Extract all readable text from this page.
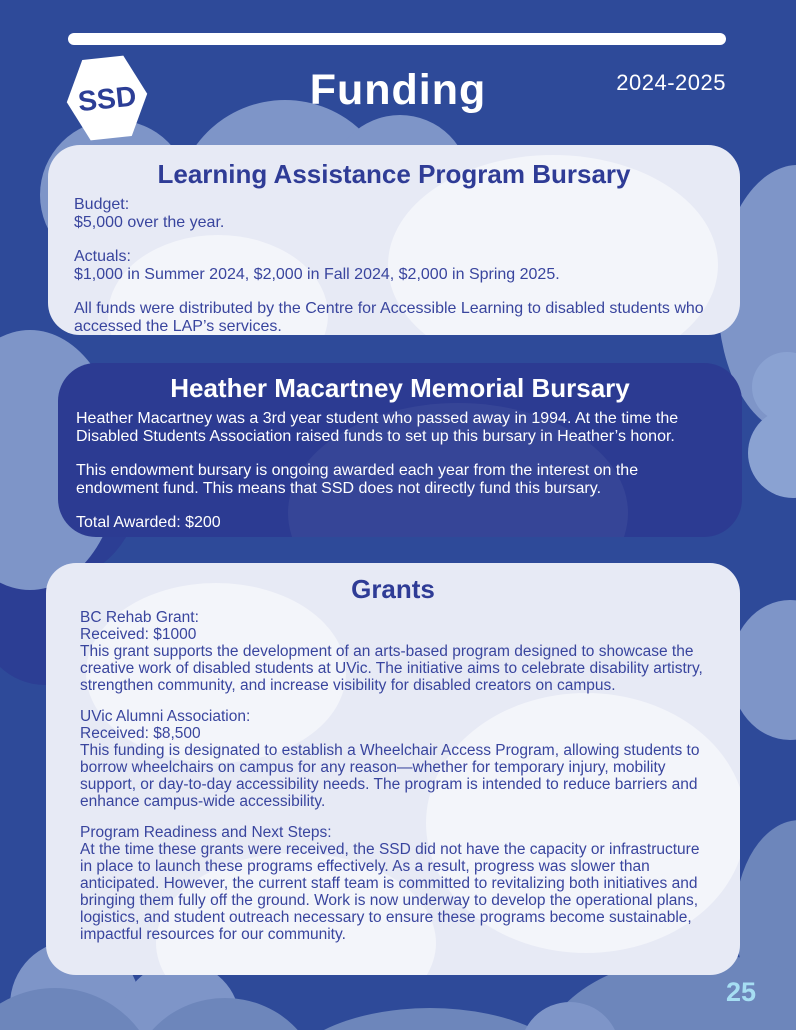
SSD	Funding	2024-2025
Learning Assistance Program Bursary

Budget:
$5,000 over the year.

Actuals:
$1,000 in Summer 2024, $2,000 in Fall 2024, $2,000 in Spring 2025.

All funds were distributed by the Centre for Accessible Learning to disabled students who accessed the LAP’s services.

Heather Macartney Memorial Bursary

Heather Macartney was a 3rd year student who passed away in 1994. At the time the Disabled Students Association raised funds to set up this bursary in Heather’s honor.

This endowment bursary is ongoing awarded each year from the interest on the endowment fund. This means that SSD does not directly fund this bursary.

Total Awarded: $200

Grants

BC Rehab Grant:
Received: $1000
This grant supports the development of an arts-based program designed to showcase the creative work of disabled students at UVic. The initiative aims to celebrate disability artistry, strengthen community, and increase visibility for disabled creators on campus.

UVic Alumni Association:
Received: $8,500
This funding is designated to establish a Wheelchair Access Program, allowing students to borrow wheelchairs on campus for any reason—whether for temporary injury, mobility support, or day-to-day accessibility needs. The program is intended to reduce barriers and enhance campus-wide accessibility.

Program Readiness and Next Steps:
At the time these grants were received, the SSD did not have the capacity or infrastructure in place to launch these programs effectively. As a result, progress was slower than anticipated. However, the current staff team is committed to revitalizing both initiatives and bringing them fully off the ground. Work is now underway to develop the operational plans, logistics, and student outreach necessary to ensure these programs become sustainable, impactful resources for our community.

25
